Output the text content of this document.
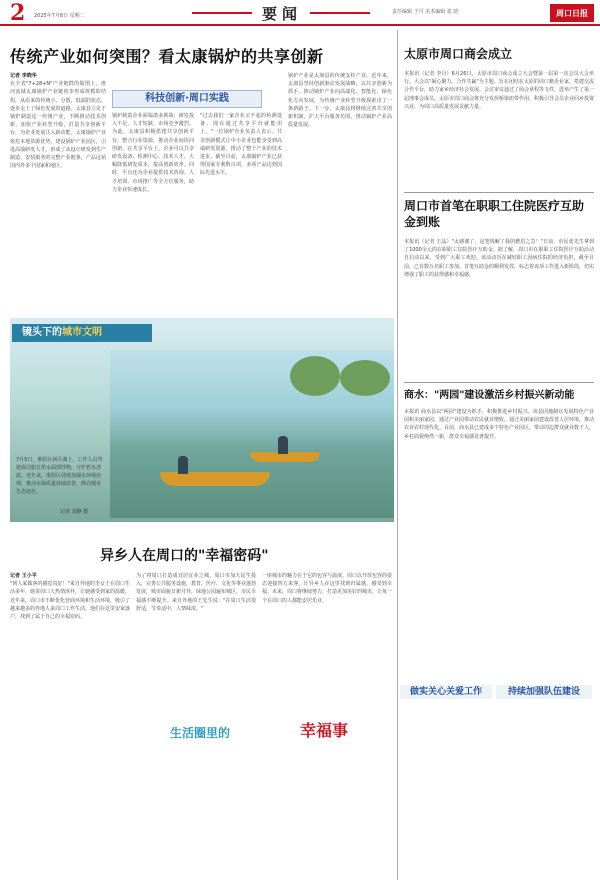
2 2025年7月8日 星期二	要闻	责任编辑 王可 美术编辑 张 晗	周口日报
传统产业如何突围？看太康锅炉的共享创新
科技创新·周口实践
记者 李晓华
在全省"7+28+N"产业链群的版图上，淮河流域太康锅炉产业链初步形成规模的结构，从原来的传统小、分散、低端的状态，逐步走上了绿色发展的道路。太康县立足于锅炉制造这一传统产业，不断推动技术创新，加快产业转型升级，打造共享创新平台，为企业发展注入新动能。太康锅炉产业依托本地资源优势，建设锅炉产业园区，引进高端研发人才，形成了从设计研发到生产制造、安装服务的完整产业链条，产品远销国内外多个国家和地区。
锅炉制造企业面临诸多挑战：研发投入不足、人才短缺、市场竞争激烈。为此，太康县积极搭建共享创新平台，整合行业资源，推动企业间协同创新。在共享平台上，企业可以共享研发设备、检测中心、技术人才，大幅降低研发成本，提高创新效率。同时，平台还为企业提供技术咨询、人才培训、市场推广等全方位服务，助力企业快速成长。
"过去我们一家企业买不起的检测设备，现在通过共享平台就能用上。"一位锅炉企业负责人表示。共享创新模式让中小企业也能享受到高端研发资源，推动了整个产业的技术进步。截至目前，太康锅炉产业已获得国家专利数百项，多项产品达到国际先进水平。
锅炉产业是太康县的传统支柱产业。近年来，太康县坚持创新驱动发展战略，以共享创新为抓手，推动锅炉产业向高端化、智能化、绿色化方向发展，为传统产业转型升级探索出了一条新路子。下一步，太康县将继续完善共享创新机制，扩大平台服务范围，推动锅炉产业高质量发展。
太原市周口商会成立
本报讯（记者 李丹）6月26日，太原市周口商会成立大会暨第一届第一次会员大会举行。大会以"凝心聚力、合作共赢"为主题，旨在团结在太原的周口籍企业家，搭建交流合作平台，助力家乡经济社会发展。会议审议通过了商会章程等文件，选举产生了第一届理事会成员。太原市周口商会将充分发挥桥梁纽带作用，积极引导会员企业回乡投资兴业，为周口高质量发展贡献力量。
周口市首笔在职职工住院医疗互助金到账
本报讯（记者 王晶）"太感谢了，这笔钱解了我的燃眉之急！"日前，市民张先生拿到了1000余元的在职职工住院医疗互助金。据了解，周口市在职职工住院医疗互助活动自启动以来，受到广大职工欢迎。该活动旨在减轻职工因病住院的经济负担，截至目前，已有数万名职工参加。首笔互助金的顺利发放，标志着该项工作进入新阶段，切实增强了职工的获得感和幸福感。
商水："两园"建设激活乡村振兴新动能
本报讯 商水县以"两园"建设为抓手，积极推进乡村振兴。该县因地制宜发展特色产业园和美丽家园，通过产业园带动农民就业增收，通过美丽家园建设改善人居环境，推动农业农村现代化。目前，商水县已建成多个特色产业园区，带动周边群众就业数千人，乡村面貌焕然一新，群众幸福感显著提升。
做实关心关爱工作	持续加强队伍建设
镜头下的城市文明
7月5日，淮阳区新区湖上，工作人员驾驶保洁船打捞水面漂浮物，守护碧水清波。近年来，淮阳区持续加强水环境治理，推动水体质量持续改善，擦亮城市生态底色。
记者 刘静 摄
异乡人在周口的"幸福密码"
记者 王小平
"到人家做客的感觉真好！"来自外地的李女士在周口生活多年，她说周口人热情淳朴，让她感受到家的温暖。近年来，周口市不断优化营商环境和生活环境，吸引了越来越多的外地人来周口工作生活。他们在这里安家落户，找到了属于自己的幸福密码。
为了将周口打造成宜居宜业之城，周口市加大民生投入，完善公共服务设施，教育、医疗、文化等事业蓬勃发展。城市面貌日新月异，绿地公园遍布城区，市民幸福感不断提升。来自外地的王先生说："在周口生活很舒适，节奏适中，人情味浓。"
一座城市的魅力在于它的包容与温度。周口以开放包容的姿态迎接四方来客，让异乡人在这里找到归属感，感受到幸福。未来，周口将继续努力，打造更加美好的城市，让每一个在周口的人都能安居乐业。
生活圈里的	幸福事
